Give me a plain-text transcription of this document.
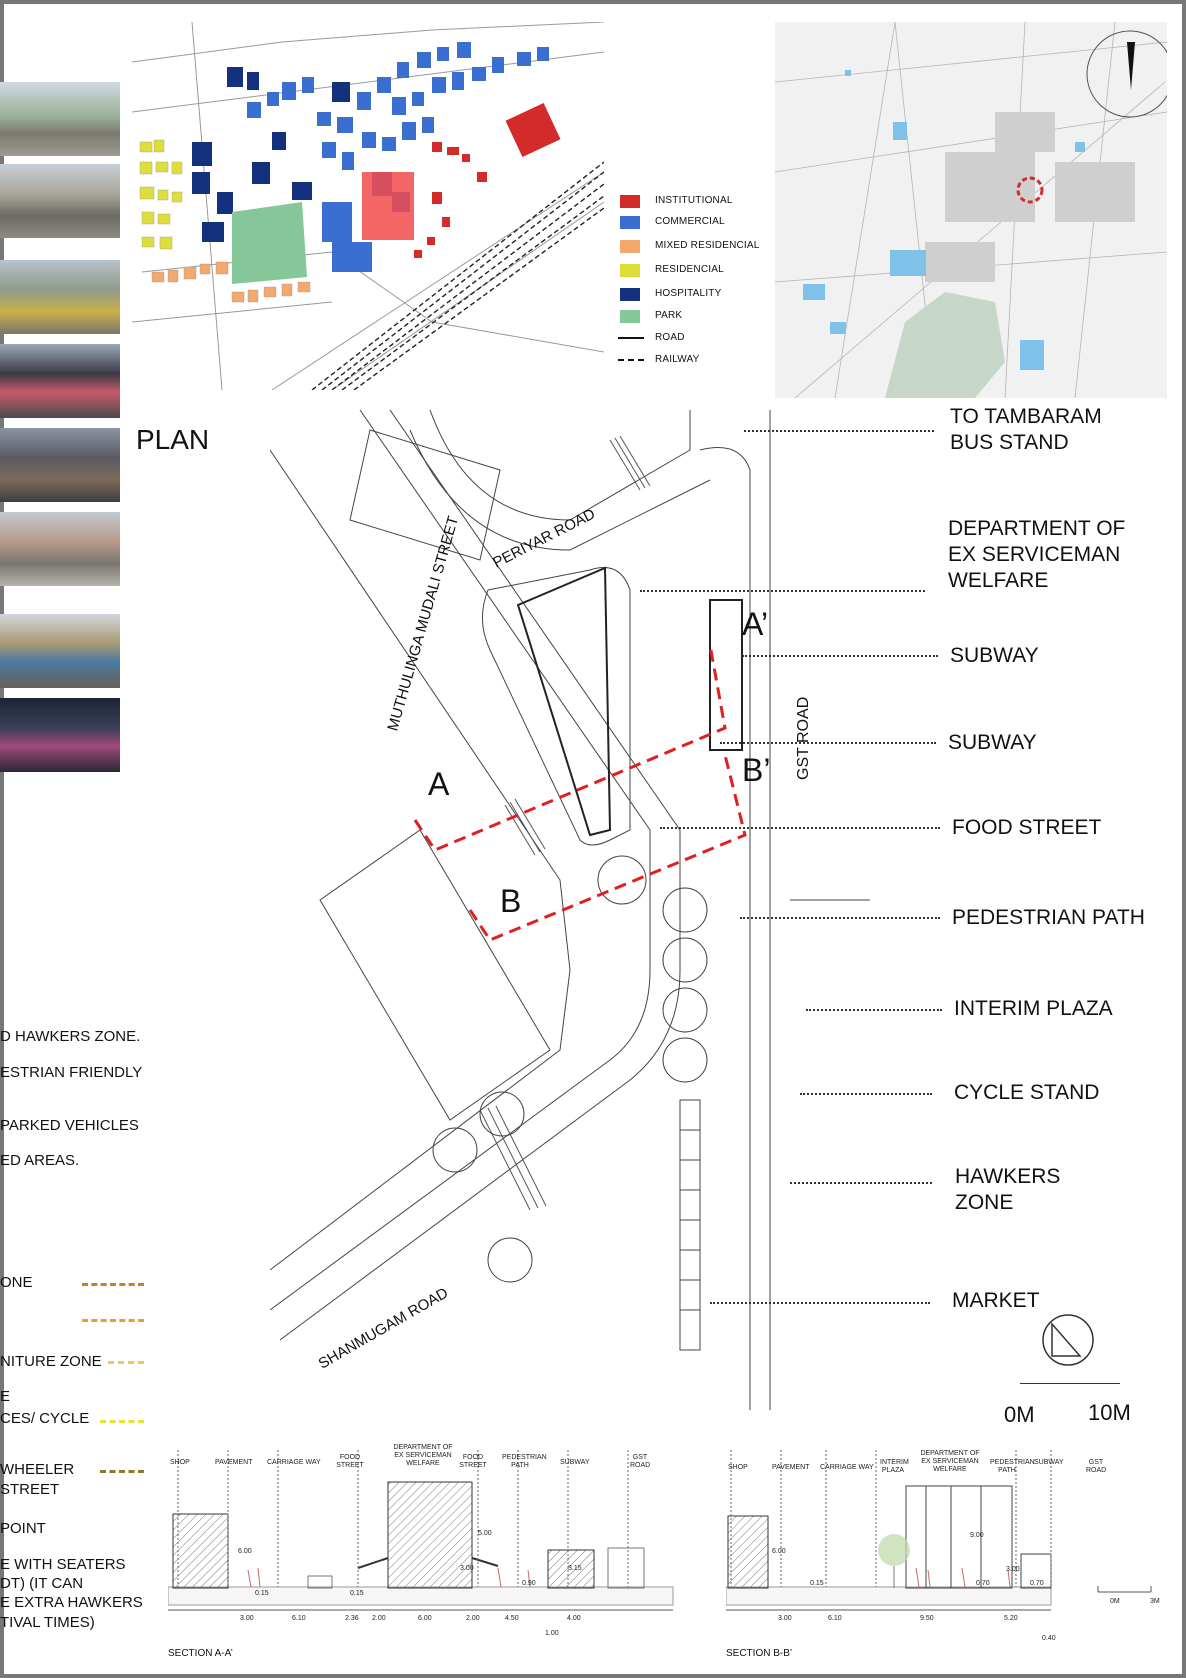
INSTITUTIONAL
COMMERCIAL
MIXED RESIDENCIAL
RESIDENCIAL
HOSPITALITY
PARK
ROAD
RAILWAY
PLAN
PERIYAR ROAD
MUTHULINGA MUDALI STREET
GST ROAD
SHANMUGAM ROAD
A
A’
B
B’
0M 10M
TO TAMBARAM
BUS STAND
DEPARTMENT OF
EX SERVICEMAN
WELFARE
SUBWAY
SUBWAY
FOOD STREET
PEDESTRIAN PATH
INTERIM PLAZA
CYCLE STAND
HAWKERS
ZONE
MARKET
D HAWKERS ZONE.
ESTRIAN FRIENDLY
PARKED VEHICLES
ED AREAS.
ONE
NITURE ZONE
E
CES/ CYCLE
WHEELER
STREET
POINT
E WITH SEATERS
DT) (IT CAN
E EXTRA HAWKERS
TIVAL TIMES)
SHOP	PAVEMENT CARRIAGE WAY
FOOD STREET
DEPARTMENT OF EX SERVICEMAN WELFARE
FOOD STREET
PEDESTRIAN PATH	SUBWAY
GST ROAD
6.00
5.00
3.00	3.15
0.15	0.15
0.90
3.00	6.10	2.36 2.00	6.00	2.00	4.50	4.00
1.00
SECTION A-A’
SHOP	PAVEMENT CARRIAGE WAY
INTERIM PLAZA
DEPARTMENT OF EX SERVICEMAN WELFARE
PEDESTRIAN PATH
SUBWAY	GST ROAD
6.00
9.00
3.00
0.15	0.70	0.70
3.00	6.10	9.50	5.20
0.40
0M	3M
SECTION B-B’
